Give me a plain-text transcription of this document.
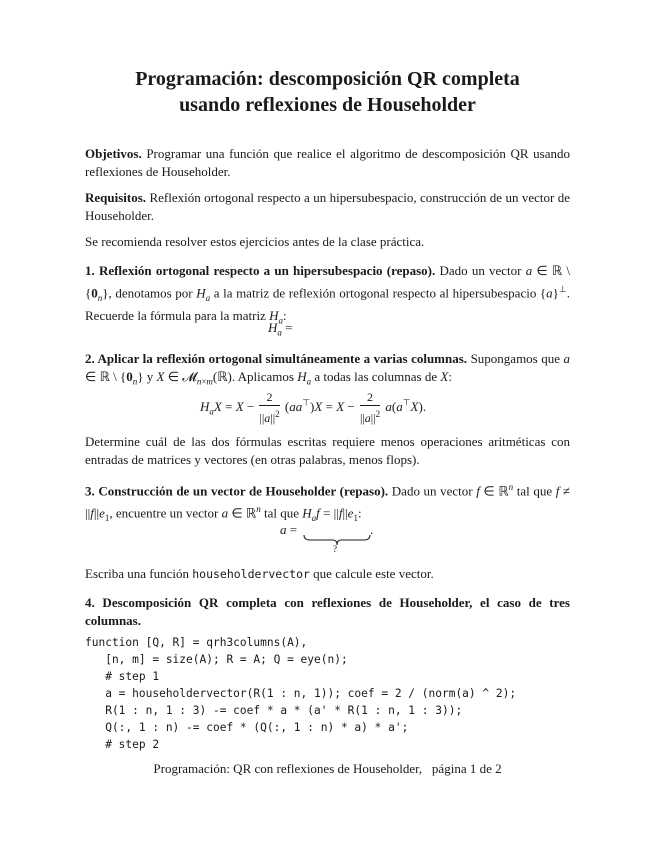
Programación: descomposición QR completa
usando reflexiones de Householder
Objetivos. Programar una función que realice el algoritmo de descomposición QR usando reflexiones de Householder.
Requisitos. Reflexión ortogonal respecto a un hipersubespacio, construcción de un vector de Householder.
Se recomienda resolver estos ejercicios antes de la clase práctica.
1. Reflexión ortogonal respecto a un hipersubespacio (repaso). Dado un vector a ∈ ℝ \ $\{0_n\}$, denotamos por $H_a$ a la matriz de reflexión ortogonal respecto al hipersubespacio {a}⊥. Recuerde la fórmula para la matriz $H_a$:
$H_a$ =
2. Aplicar la reflexión ortogonal simultáneamente a varias columnas. Supongamos que a ∈ ℝ \ $\{0_n\}$ y X ∈ 𝓜$_{n\times m}$(ℝ). Aplicamos $H_a$ a todas las columnas de X:
$H_aX = X - \frac{2}{||a||^2} (aa^⊤)X = X - \frac{2}{||a||^2} a(a^⊤X)$.
Determine cuál de las dos fórmulas escritas requiere menos operaciones aritméticas con entradas de matrices y vectores (en otras palabras, menos flops).
3. Construcción de un vector de Householder (repaso). Dado un vector f ∈ ℝ$^n$ tal que $f \ne ||f||e_1$, encuentre un vector a ∈ ℝ$^n$ tal que $H_af = ||f||e_1$:
a =
?
.
Escriba una función householdervector que calcule este vector.
4. Descomposición QR completa con reflexiones de Householder, el caso de tres columnas.
function [Q, R] = qrh3columns(A),
[n, m] = size(A); R = A; Q = eye(n);
# step 1
a = householdervector(R(1 : n, 1)); coef = 2 / (norm(a) ^ 2);
R(1 : n, 1 : 3) -= coef * a * (a' * R(1 : n, 1 : 3));
Q(:, 1 : n) -= coef * (Q(:, 1 : n) * a) * a';
# step 2
Programación: QR con reflexiones de Householder,   página 1 de 2
